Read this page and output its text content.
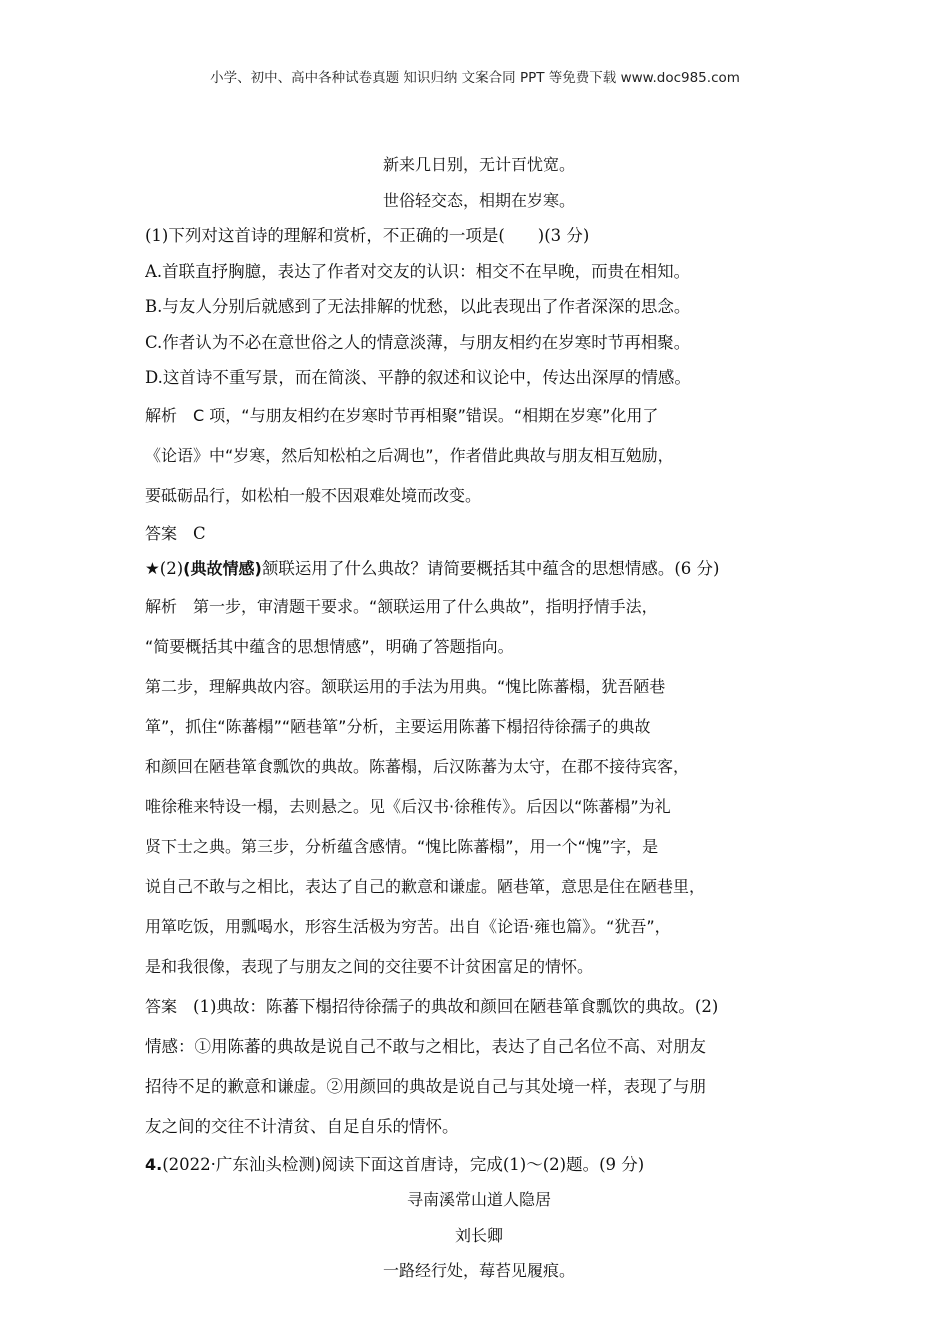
小学、初中、高中各种试卷真题 知识归纳 文案合同 PPT 等免费下载 www.doc985.com
新来几日别，无计百忧宽。
世俗轻交态，相期在岁寒。
(1)下列对这首诗的理解和赏析，不正确的一项是(　　)(3 分)
A.首联直抒胸臆，表达了作者对交友的认识：相交不在早晚，而贵在相知。
B.与友人分别后就感到了无法排解的忧愁，以此表现出了作者深深的思念。
C.作者认为不必在意世俗之人的情意淡薄，与朋友相约在岁寒时节再相聚。
D.这首诗不重写景，而在简淡、平静的叙述和议论中，传达出深厚的情感。
解析 C 项，“与朋友相约在岁寒时节再相聚”错误。“相期在岁寒”化用了
《论语》中“岁寒，然后知松柏之后凋也”，作者借此典故与朋友相互勉励，
要砥砺品行，如松柏一般不因艰难处境而改变。
答案 C
★(2)(典故情感)颔联运用了什么典故？请简要概括其中蕴含的思想情感。(6 分)
解析 第一步，审清题干要求。“颔联运用了什么典故”，指明抒情手法，
“简要概括其中蕴含的思想情感”，明确了答题指向。
第二步，理解典故内容。颔联运用的手法为用典。“愧比陈蕃榻，犹吾陋巷
箪”，抓住“陈蕃榻”“陋巷箪”分析，主要运用陈蕃下榻招待徐孺子的典故
和颜回在陋巷箪食瓢饮的典故。陈蕃榻，后汉陈蕃为太守，在郡不接待宾客，
唯徐稚来特设一榻，去则悬之。见《后汉书·徐稚传》。后因以“陈蕃榻”为礼
贤下士之典。第三步，分析蕴含感情。“愧比陈蕃榻”，用一个“愧”字，是
说自己不敢与之相比，表达了自己的歉意和谦虚。陋巷箪，意思是住在陋巷里，
用箪吃饭，用瓢喝水，形容生活极为穷苦。出自《论语·雍也篇》。“犹吾”，
是和我很像，表现了与朋友之间的交往要不计贫困富足的情怀。
答案 (1)典故：陈蕃下榻招待徐孺子的典故和颜回在陋巷箪食瓢饮的典故。(2)
情感：①用陈蕃的典故是说自己不敢与之相比，表达了自己名位不高、对朋友
招待不足的歉意和谦虚。②用颜回的典故是说自己与其处境一样，表现了与朋
友之间的交往不计清贫、自足自乐的情怀。
4.(2022·广东汕头检测)阅读下面这首唐诗，完成(1)～(2)题。(9 分)
寻南溪常山道人隐居
刘长卿
一路经行处，莓苔见履痕。
